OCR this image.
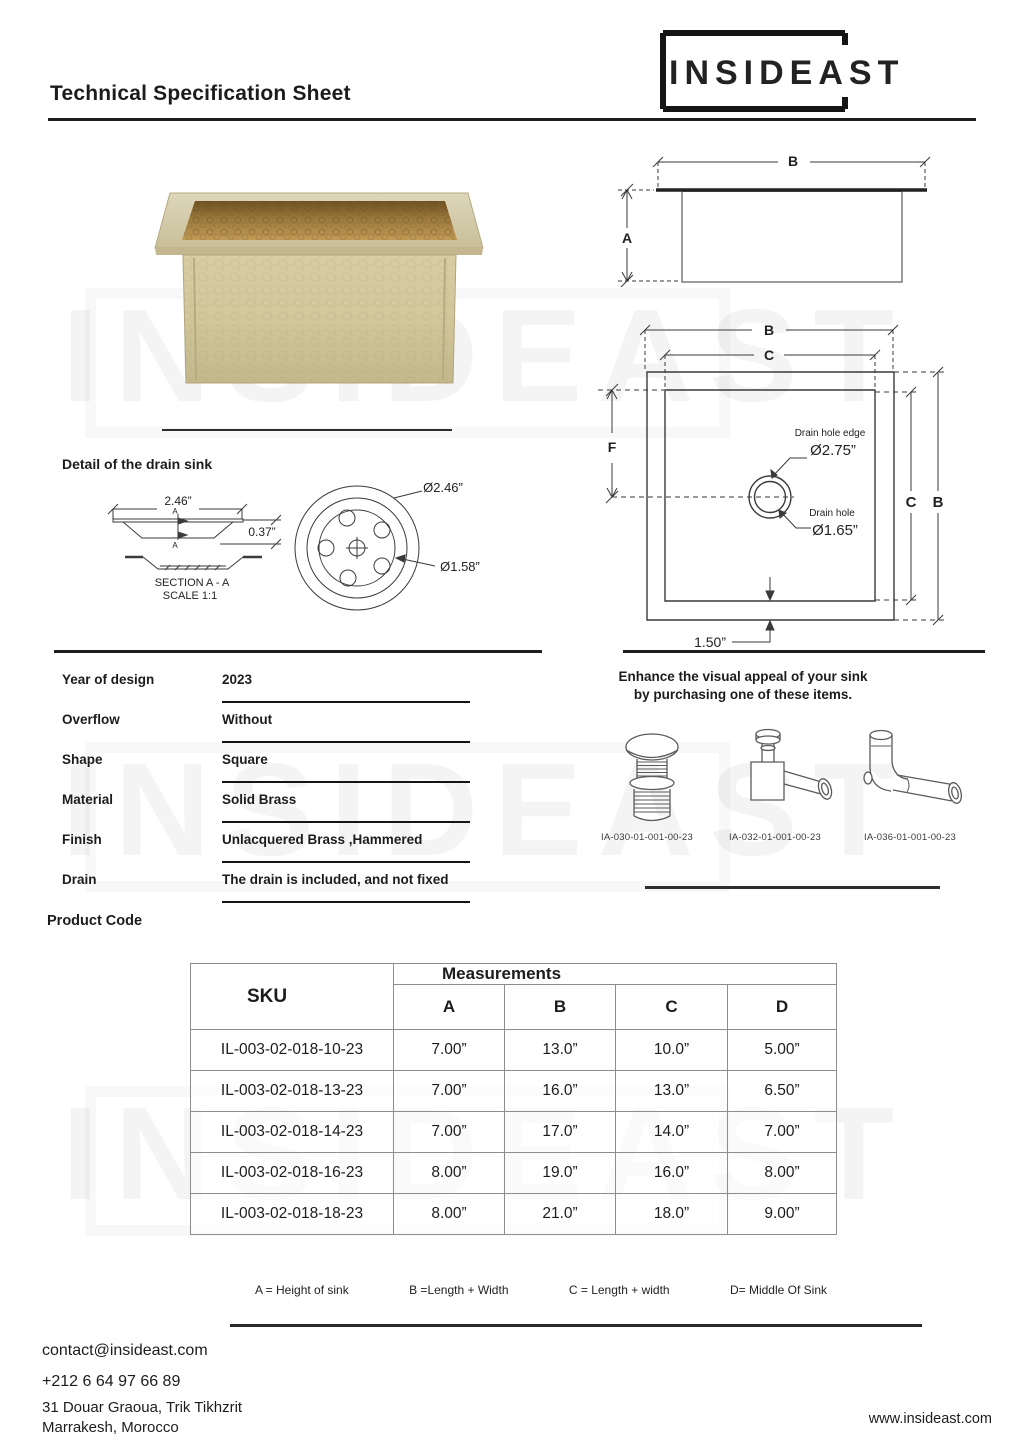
Technical Specification Sheet
INSIDEAST
B
A
B
C
F
C B
Drain hole edge
Ø2.75”
Drain hole
Ø1.65”
1.50”
Detail of the drain sink
2.46”
A
A
0.37”
SECTION A - A
SCALE 1:1
Ø2.46”
Ø1.58”
Year of design	2023
Overflow	Without
Shape	Square
Material	Solid Brass
Finish	Unlacquered Brass ,Hammered
Drain	The drain is included, and not fixed
Enhance the visual appeal of your sink
by purchasing one of these items.
IA-030-01-001-00-23	IA-032-01-001-00-23	IA-036-01-001-00-23
Product Code
SKU	Measurements			
	A	B	C	D
IL-003-02-018-10-23	7.00”	13.0”	10.0”	5.00”
IL-003-02-018-13-23	7.00”	16.0”	13.0”	6.50”
IL-003-02-018-14-23	7.00”	17.0”	14.0”	7.00”
IL-003-02-018-16-23	8.00”	19.0”	16.0”	8.00”
IL-003-02-018-18-23	8.00”	21.0”	18.0”	9.00”
A = Height of sink	B =Length + Width	C = Length + width	D= Middle Of Sink
contact@insideast.com
+212 6 64 97 66 89
31 Douar Graoua, Trik Tikhzrit
Marrakesh, Morocco	www.insideast.com
